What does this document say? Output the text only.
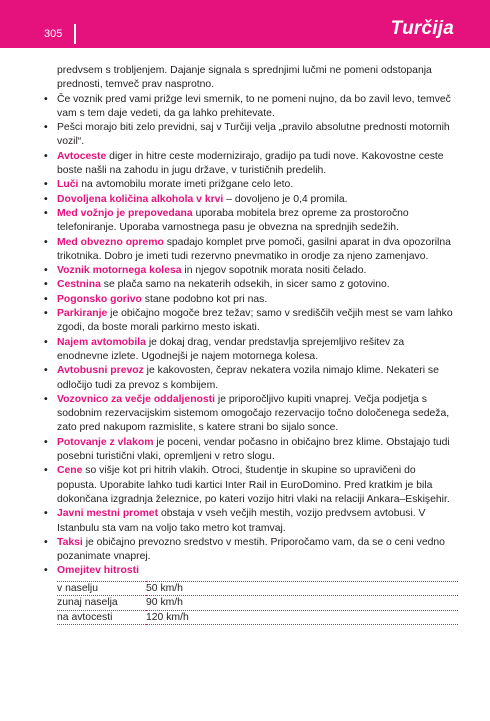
305	Turčija

predvsem s trobljenjem. Dajanje signala s sprednjimi lučmi ne pomeni odstopanja prednosti, temveč prav nasprotno.

• Če voznik pred vami prižge levi smernik, to ne pomeni nujno, da bo zavil levo, temveč vam s tem daje vedeti, da ga lahko prehitevate.
• Pešci morajo biti zelo previdni, saj v Turčiji velja „pravilo absolutne prednosti motornih vozil“.
• Avtoceste diger in hitre ceste modernizirajo, gradijo pa tudi nove. Kakovostne ceste boste našli na zahodu in jugu države, v turističnih predelih.
• Luči na avtomobilu morate imeti prižgane celo leto.
• Dovoljena količina alkohola v krvi – dovoljeno je 0,4 promila.
• Med vožnjo je prepovedana uporaba mobitela brez opreme za prostoročno telefoniranje. Uporaba varnostnega pasu je obvezna na sprednjih sedežih.
• Med obvezno opremo spadajo komplet prve pomoči, gasilni aparat in dva opozorilna trikotnika. Dobro je imeti tudi rezervno pnevmatiko in orodje za njeno zamenjavo.
• Voznik motornega kolesa in njegov sopotnik morata nositi čelado.
• Cestnina se plača samo na nekaterih odsekih, in sicer samo z gotovino.
• Pogonsko gorivo stane podobno kot pri nas.
• Parkiranje je običajno mogoče brez težav; samo v središčih večjih mest se vam lahko zgodi, da boste morali parkirno mesto iskati.
• Najem avtomobila je dokaj drag, vendar predstavlja sprejemljivo rešitev za enodnevne izlete. Ugodnejši je najem motornega kolesa.
• Avtobusni prevoz je kakovosten, čeprav nekatera vozila nimajo klime. Nekateri se odločijo tudi za prevoz s kombijem.
• Vozovnico za večje oddaljenosti je priporočljivo kupiti vnaprej. Večja podjetja s sodobnim rezervacijskim sistemom omogočajo rezervacijo točno določenega sedeža, zato pred nakupom razmislite, s katere strani bo sijalo sonce.
• Potovanje z vlakom je poceni, vendar počasno in običajno brez klime. Obstajajo tudi posebni turistični vlaki, opremljeni v retro slogu.
• Cene so višje kot pri hitrih vlakih. Otroci, študentje in skupine so upravičeni do popusta. Uporabite lahko tudi kartici Inter Rail in EuroDomino. Pred kratkim je bila dokončana izgradnja železnice, po kateri vozijo hitri vlaki na relaciji Ankara–Eskişehir.
• Javni mestni promet obstaja v vseh večjih mestih, vozijo predvsem avtobusi. V Istanbulu sta vam na voljo tako metro kot tramvaj.
• Taksi je običajno prevozno sredstvo v mestih. Priporočamo vam, da se o ceni vedno pozanimate vnaprej.
• Omejitev hitrosti
v naselju	50 km/h
zunaj naselja	90 km/h
na avtocesti	120 km/h
